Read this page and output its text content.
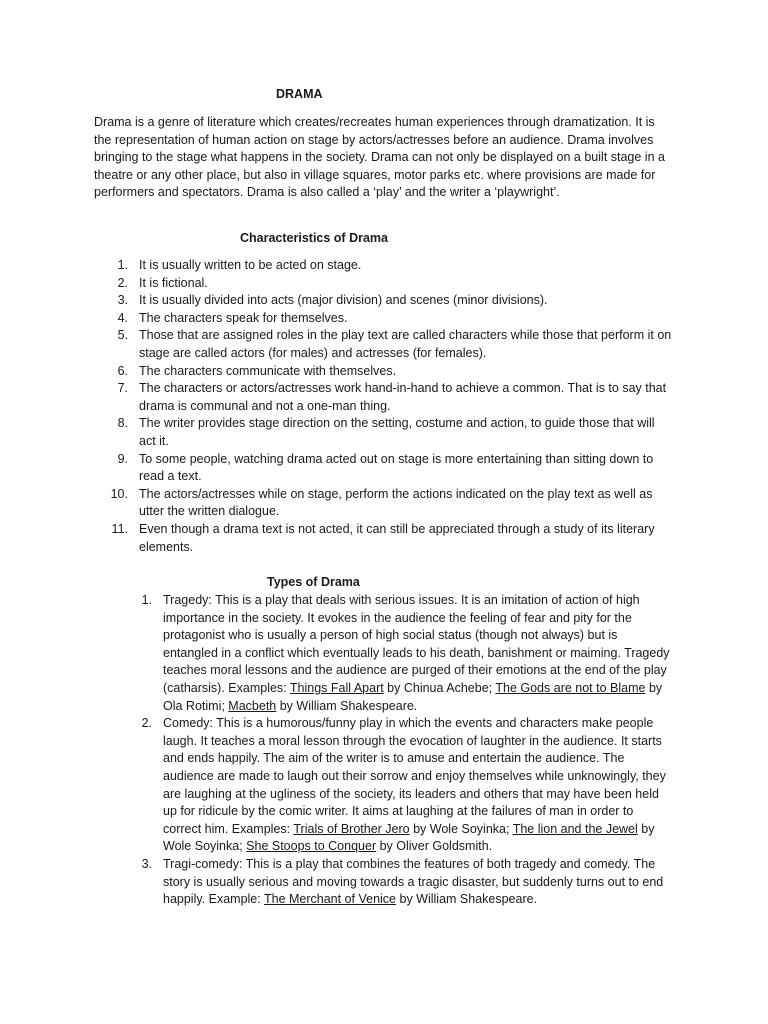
DRAMA

Drama is a genre of literature which creates/recreates human experiences through dramatization. It is the representation of human action on stage by actors/actresses before an audience. Drama involves bringing to the stage what happens in the society. Drama can not only be displayed on a built stage in a theatre or any other place, but also in village squares, motor parks etc. where provisions are made for performers and spectators. Drama is also called a ‘play’ and the writer a ‘playwright’.

Characteristics of Drama
1. It is usually written to be acted on stage.
2. It is fictional.
3. It is usually divided into acts (major division) and scenes (minor divisions).
4. The characters speak for themselves.
5. Those that are assigned roles in the play text are called characters while those that perform it on stage are called actors (for males) and actresses (for females).
6. The characters communicate with themselves.
7. The characters or actors/actresses work hand-in-hand to achieve a common. That is to say that drama is communal and not a one-man thing.
8. The writer provides stage direction on the setting, costume and action, to guide those that will act it.
9. To some people, watching drama acted out on stage is more entertaining than sitting down to read a text.
10. The actors/actresses while on stage, perform the actions indicated on the play text as well as utter the written dialogue.
11. Even though a drama text is not acted, it can still be appreciated through a study of its literary elements.
Types of Drama
1. Tragedy: This is a play that deals with serious issues. It is an imitation of action of high importance in the society. It evokes in the audience the feeling of fear and pity for the protagonist who is usually a person of high social status (though not always) but is entangled in a conflict which eventually leads to his death, banishment or maiming. Tragedy teaches moral lessons and the audience are purged of their emotions at the end of the play (catharsis). Examples: Things Fall Apart by Chinua Achebe; The Gods are not to Blame by Ola Rotimi; Macbeth by William Shakespeare.
2. Comedy: This is a humorous/funny play in which the events and characters make people laugh. It teaches a moral lesson through the evocation of laughter in the audience. It starts and ends happily. The aim of the writer is to amuse and entertain the audience. The audience are made to laugh out their sorrow and enjoy themselves while unknowingly, they are laughing at the ugliness of the society, its leaders and others that may have been held up for ridicule by the comic writer. It aims at laughing at the failures of man in order to correct him. Examples: Trials of Brother Jero by Wole Soyinka; The lion and the Jewel by Wole Soyinka; She Stoops to Conquer by Oliver Goldsmith.
3. Tragi-comedy: This is a play that combines the features of both tragedy and comedy. The story is usually serious and moving towards a tragic disaster, but suddenly turns out to end happily. Example: The Merchant of Venice by William Shakespeare.
